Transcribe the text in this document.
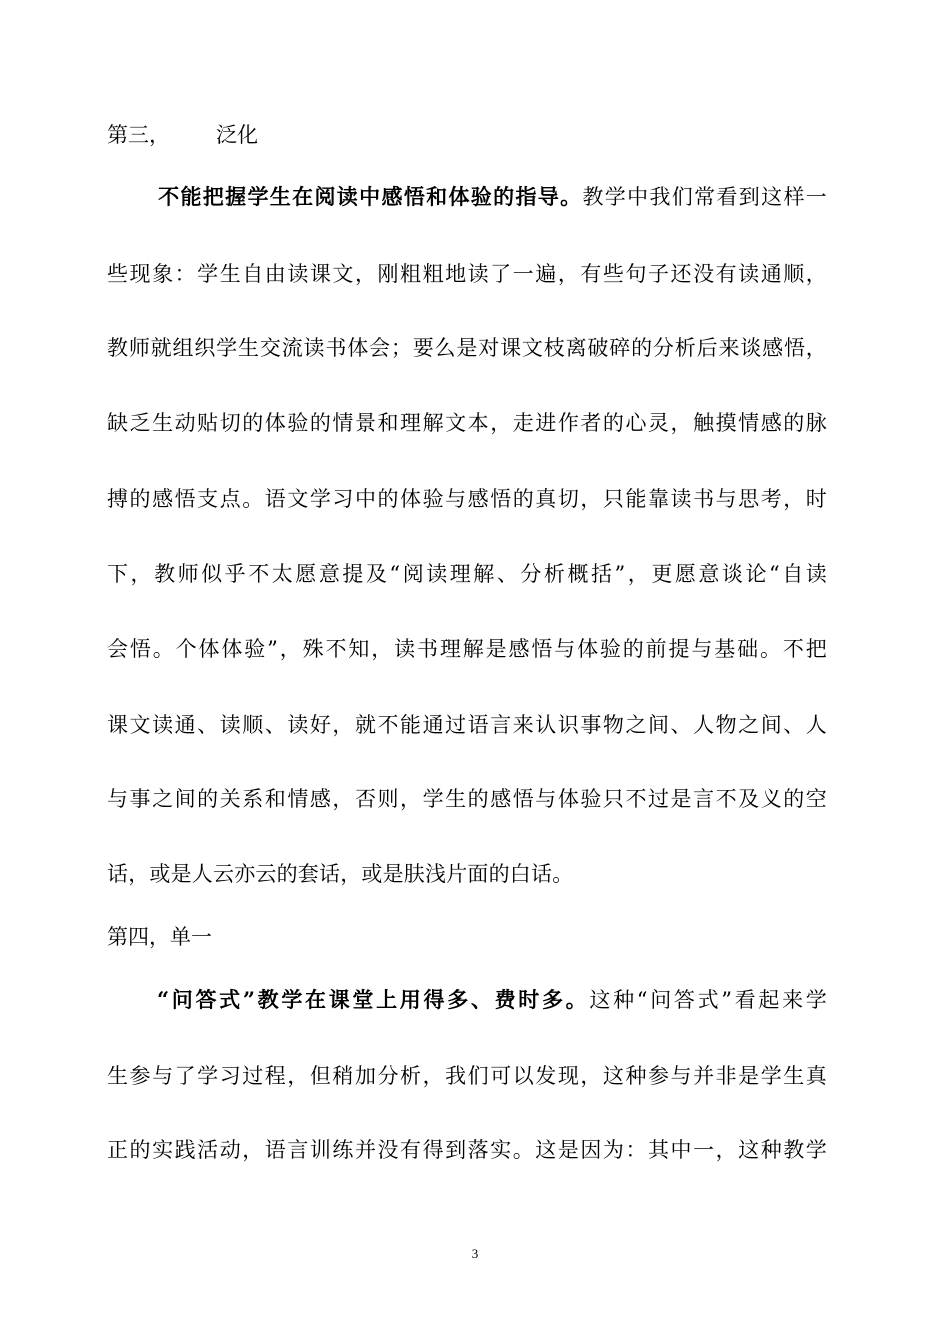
第三， 泛化
不能把握学生在阅读中感悟和体验的指导。教学中我们常看到这样一
些现象：学生自由读课文，刚粗粗地读了一遍，有些句子还没有读通顺，
教师就组织学生交流读书体会；要么是对课文枝离破碎的分析后来谈感悟，
缺乏生动贴切的体验的情景和理解文本，走进作者的心灵，触摸情感的脉
搏的感悟支点。语文学习中的体验与感悟的真切，只能靠读书与思考，时
下，教师似乎不太愿意提及“阅读理解、分析概括”，更愿意谈论“自读
会悟。个体体验”，殊不知，读书理解是感悟与体验的前提与基础。不把
课文读通、读顺、读好，就不能通过语言来认识事物之间、人物之间、人
与事之间的关系和情感，否则，学生的感悟与体验只不过是言不及义的空
话，或是人云亦云的套话，或是肤浅片面的白话。
第四，单一
“问答式”教学在课堂上用得多、费时多。这种“问答式”看起来学
生参与了学习过程，但稍加分析，我们可以发现，这种参与并非是学生真
正的实践活动，语言训练并没有得到落实。这是因为：其中一，这种教学
3
